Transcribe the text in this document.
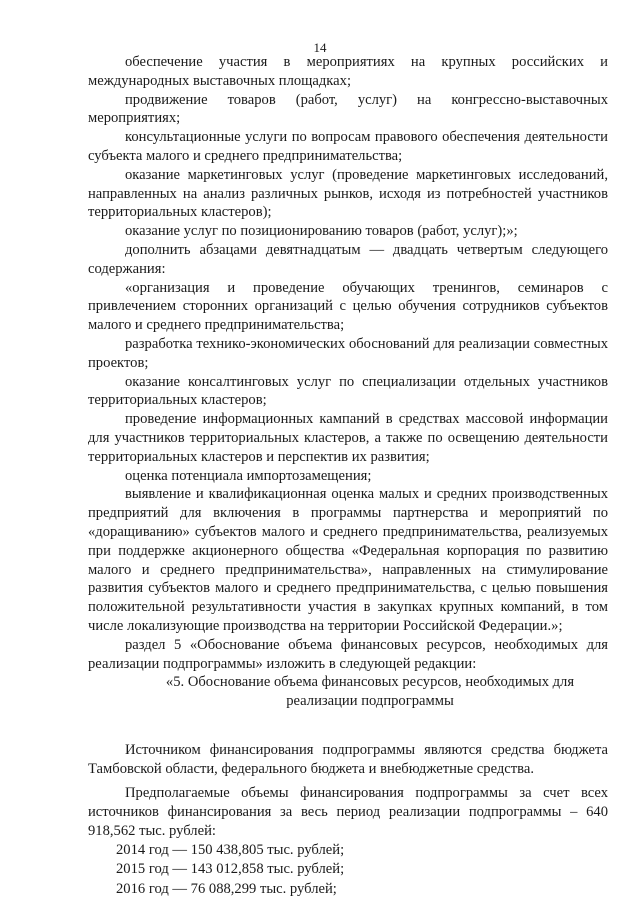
14

обеспечение участия в мероприятиях на крупных российских и международных выставочных площадках;

продвижение товаров (работ, услуг) на конгрессно-выставочных мероприятиях;

консультационные услуги по вопросам правового обеспечения деятельности субъекта малого и среднего предпринимательства;

оказание маркетинговых услуг (проведение маркетинговых исследований, направленных на анализ различных рынков, исходя из потребностей участников территориальных кластеров);

оказание услуг по позиционированию товаров (работ, услуг);»;

дополнить абзацами девятнадцатым — двадцать четвертым следующего содержания:

«организация и проведение обучающих тренингов, семинаров с привлечением сторонних организаций с целью обучения сотрудников субъектов малого и среднего предпринимательства;

разработка технико-экономических обоснований для реализации совместных проектов;

оказание консалтинговых услуг по специализации отдельных участников территориальных кластеров;

проведение информационных кампаний в средствах массовой информации для участников территориальных кластеров, а также по освещению деятельности территориальных кластеров и перспектив их развития;

оценка потенциала импортозамещения;

выявление и квалификационная оценка малых и средних производственных предприятий для включения в программы партнерства и мероприятий по «доращиванию» субъектов малого и среднего предпринимательства, реализуемых при поддержке акционерного общества «Федеральная корпорация по развитию малого и среднего предпринимательства», направленных на стимулирование развития субъектов малого и среднего предпринимательства, с целью повышения положительной результативности участия в закупках крупных компаний, в том числе локализующие производства на территории Российской Федерации.»;

раздел 5 «Обоснование объема финансовых ресурсов, необходимых для реализации подпрограммы» изложить в следующей редакции:

«5. Обоснование объема финансовых ресурсов, необходимых для

реализации подпрограммы

Источником финансирования подпрограммы являются средства бюджета Тамбовской области, федерального бюджета и внебюджетные средства.

Предполагаемые объемы финансирования подпрограммы за счет всех источников финансирования за весь период реализации подпрограммы – 640 918,562 тыс. рублей:

2014 год — 150 438,805 тыс. рублей;

2015 год — 143 012,858 тыс. рублей;

2016 год — 76 088,299 тыс. рублей;
